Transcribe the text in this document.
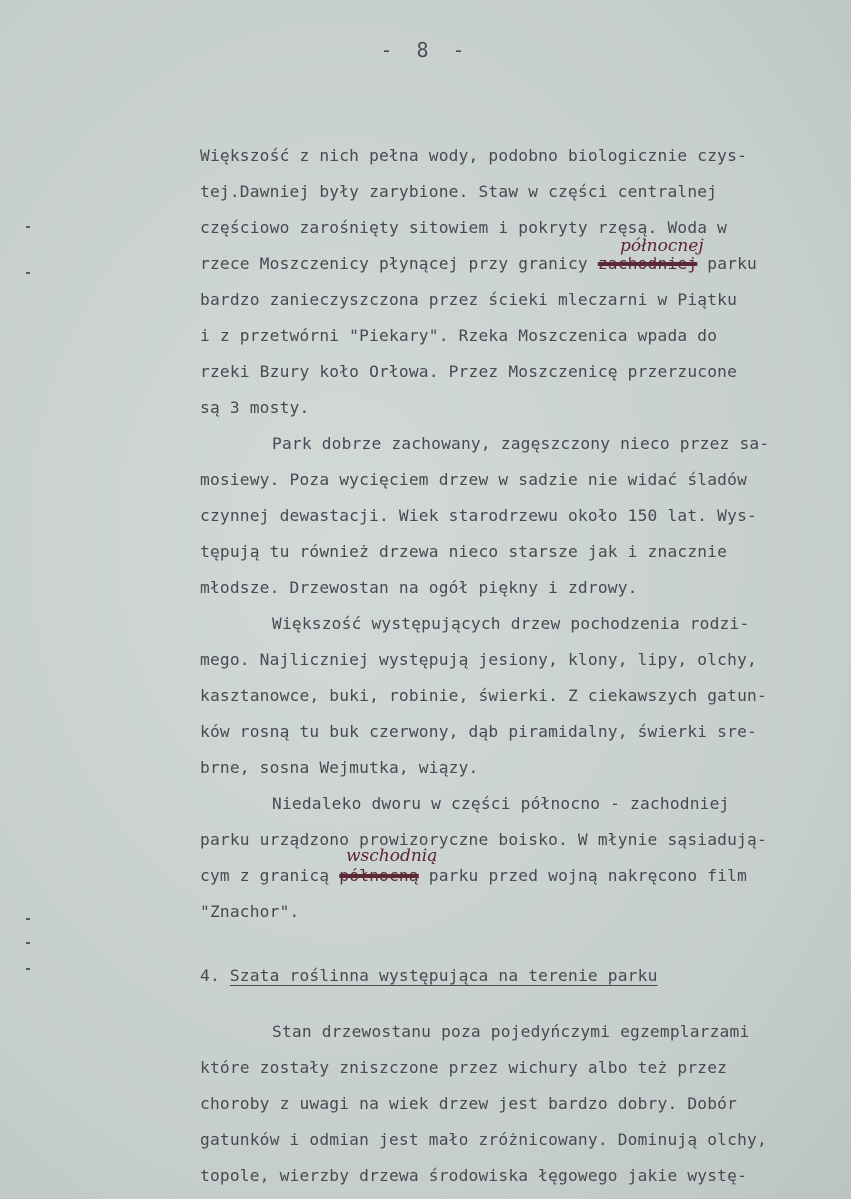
- 8 -
Większość z nich pełna wody, podobno biologicznie czys-
tej.Dawniej były zarybione. Staw w części centralnej
częściowo zarośnięty sitowiem i pokryty rzęsą. Woda w
rzece Moszczenicy płynącej przy granicy zachodniej parku
północnej
bardzo zanieczyszczona przez ścieki mleczarni w Piątku
i z przetwórni "Piekary". Rzeka Moszczenica wpada do
rzeki Bzury koło Orłowa. Przez Moszczenicę przerzucone
są 3 mosty.
Park dobrze zachowany, zagęszczony nieco przez sa-
mosiewy. Poza wycięciem drzew w sadzie nie widać śladów
czynnej dewastacji. Wiek starodrzewu około 150 lat. Wys-
tępują tu również drzewa nieco starsze jak i znacznie
młodsze. Drzewostan na ogół piękny i zdrowy.
Większość występujących drzew pochodzenia rodzi-
mego. Najliczniej występują jesiony, klony, lipy, olchy,
kasztanowce, buki, robinie, świerki. Z ciekawszych gatun-
ków rosną tu buk czerwony, dąb piramidalny, świerki sre-
brne, sosna Wejmutka, wiązy.
Niedaleko dworu w części północno - zachodniej
parku urządzono prowizoryczne boisko. W młynie sąsiadują-
cym z granicą północną parku przed wojną nakręcono film
wschodnią
"Znachor".
4. Szata roślinna występująca na terenie parku
Stan drzewostanu poza pojedyńczymi egzemplarzami
które zostały zniszczone przez wichury albo też przez
choroby z uwagi na wiek drzew jest bardzo dobry. Dobór
gatunków i odmian jest mało zróżnicowany. Dominują olchy,
topole, wierzby drzewa środowiska łęgowego jakie wystę-
